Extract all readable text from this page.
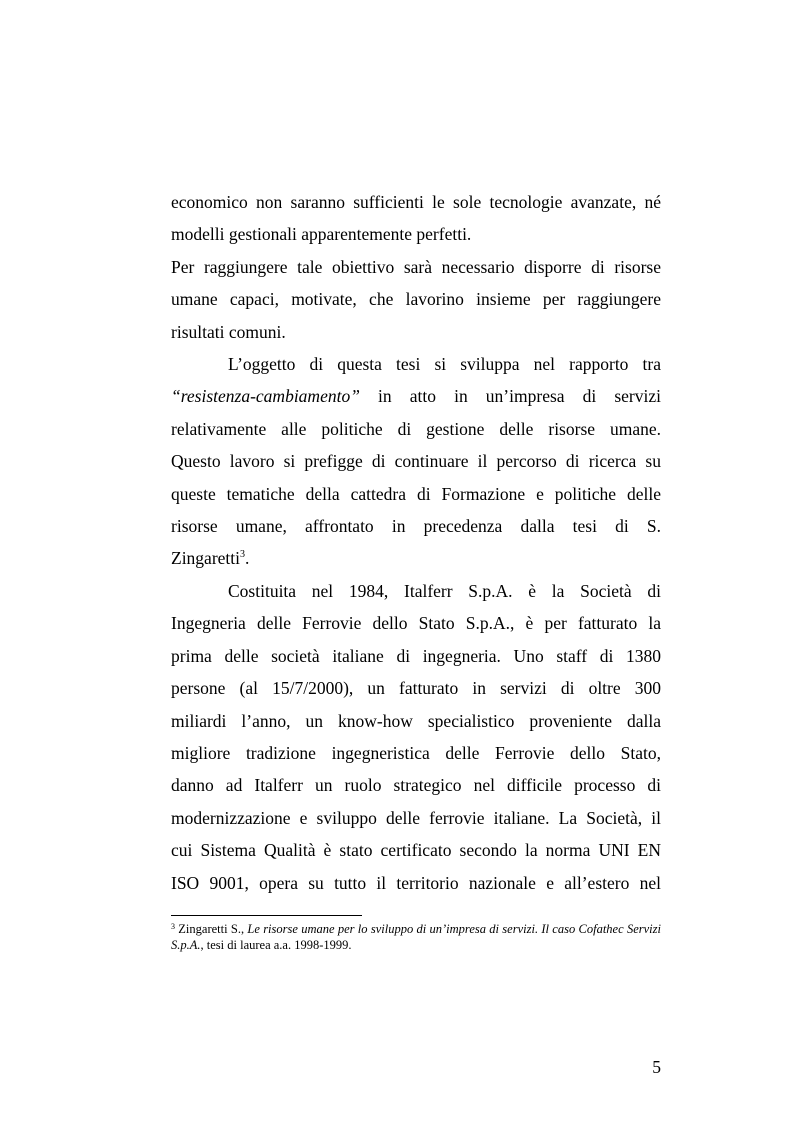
economico non saranno sufficienti le sole tecnologie avanzate, né
modelli gestionali apparentemente perfetti.
Per raggiungere tale obiettivo sarà necessario disporre di risorse
umane capaci, motivate, che lavorino insieme per raggiungere
risultati comuni.
L’oggetto di questa tesi si sviluppa nel rapporto tra
“resistenza-cambiamento” in atto in un’impresa di servizi
relativamente alle politiche di gestione delle risorse umane.
Questo lavoro si prefigge di continuare il percorso di ricerca su
queste tematiche della cattedra di Formazione e politiche delle
risorse umane, affrontato in precedenza dalla tesi di S.
Zingaretti$^3$.
Costituita nel 1984, Italferr S.p.A. è la Società di
Ingegneria delle Ferrovie dello Stato S.p.A., è per fatturato la
prima delle società italiane di ingegneria. Uno staff di 1380
persone (al 15/7/2000), un fatturato in servizi di oltre 300
miliardi l’anno, un know-how specialistico proveniente dalla
migliore tradizione ingegneristica delle Ferrovie dello Stato,
danno ad Italferr un ruolo strategico nel difficile processo di
modernizzazione e sviluppo delle ferrovie italiane. La Società, il
cui Sistema Qualità è stato certificato secondo la norma UNI EN
ISO 9001, opera su tutto il territorio nazionale e all’estero nel
$^3$ Zingaretti S., Le risorse umane per lo sviluppo di un’impresa di servizi. Il caso Cofathec Servizi S.p.A., tesi di laurea a.a. 1998-1999.
5
